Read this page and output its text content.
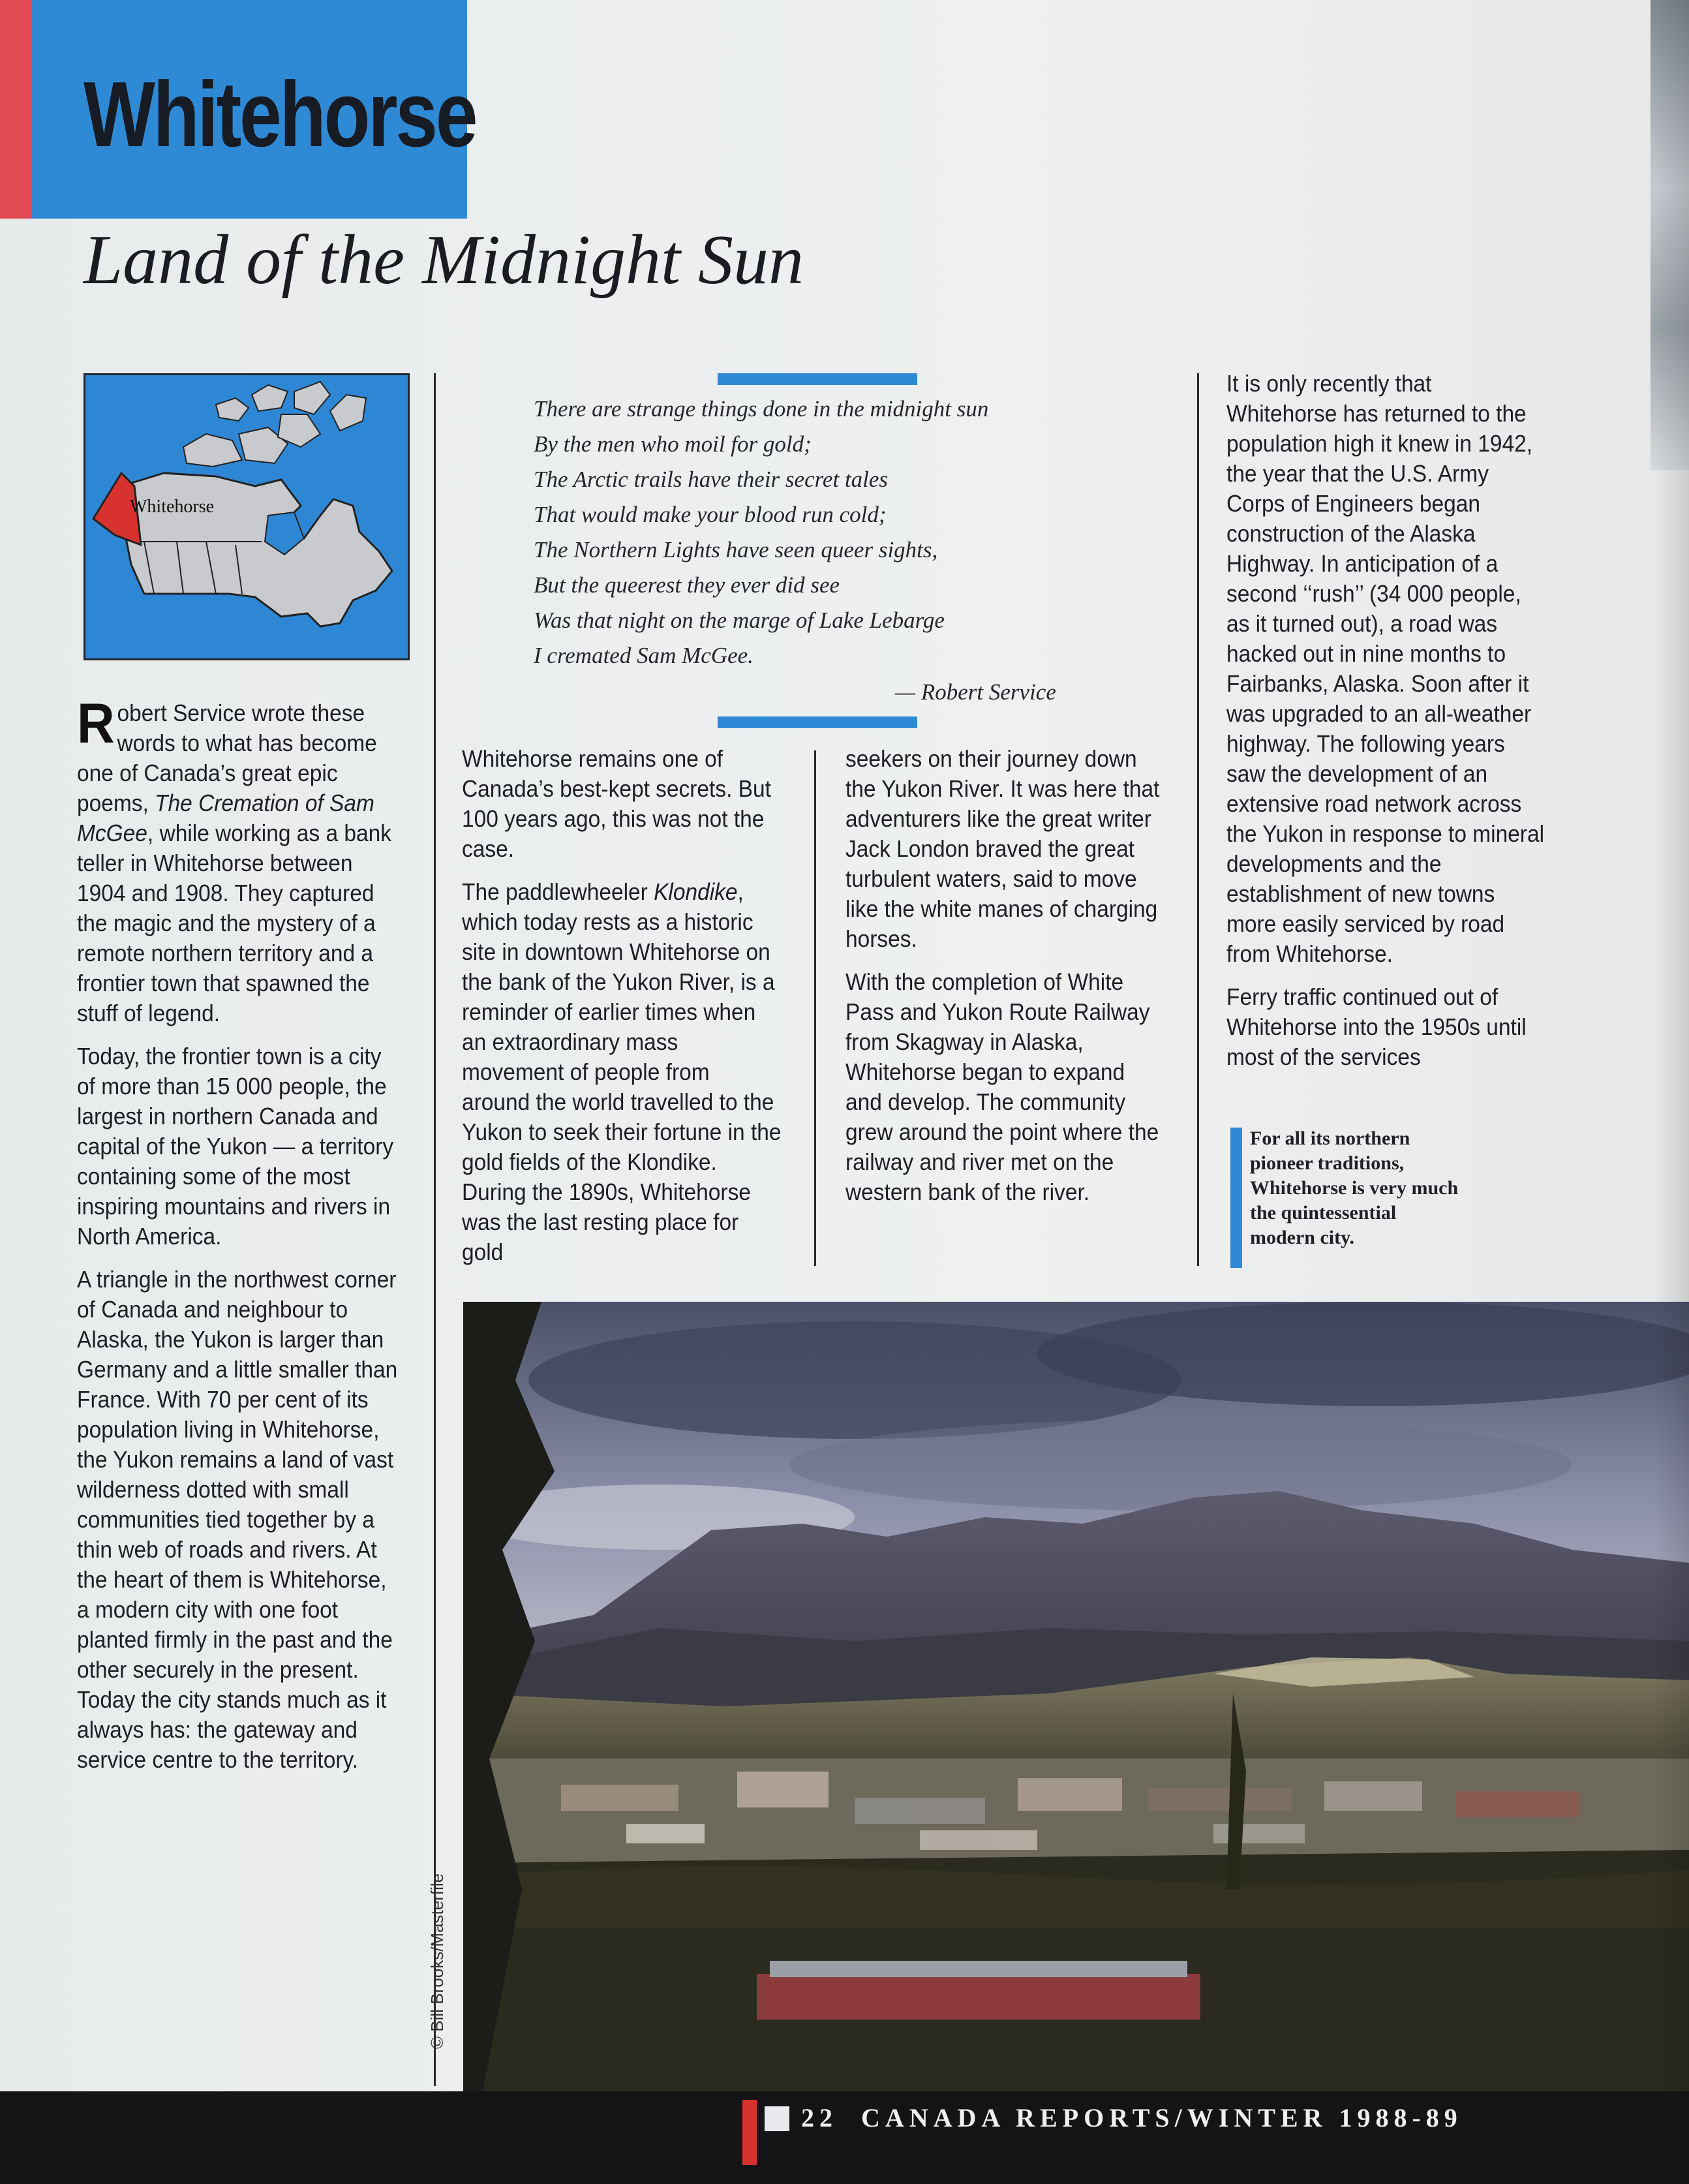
Whitehorse
Land of the Midnight Sun
Whitehorse
There are strange things done in the midnight sun
By the men who moil for gold;
The Arctic trails have their secret tales
That would make your blood run cold;
The Northern Lights have seen queer sights,
But the queerest they ever did see
Was that night on the marge of Lake Lebarge
I cremated Sam McGee.
— Robert Service

Robert Service wrote these words to what has become one of Canada’s great epic poems, The Cremation of Sam McGee, while working as a bank teller in Whitehorse between 1904 and 1908. They captured the magic and the mystery of a remote northern territory and a frontier town that spawned the stuff of legend.

Today, the frontier town is a city of more than 15 000 people, the largest in northern Canada and capital of the Yukon — a territory containing some of the most inspiring mountains and rivers in North America.

A triangle in the northwest corner of Canada and neighbour to Alaska, the Yukon is larger than Germany and a little smaller than France. With 70 per cent of its population living in Whitehorse, the Yukon remains a land of vast wilderness dotted with small communities tied together by a thin web of roads and rivers. At the heart of them is Whitehorse, a modern city with one foot planted firmly in the past and the other securely in the present. Today the city stands much as it always has: the gateway and service centre to the territory.

Whitehorse remains one of Canada’s best-kept secrets. But 100 years ago, this was not the case.

The paddlewheeler Klondike, which today rests as a historic site in downtown Whitehorse on the bank of the Yukon River, is a reminder of earlier times when an extraordinary mass movement of people from around the world travelled to the Yukon to seek their fortune in the gold fields of the Klondike. During the 1890s, Whitehorse was the last resting place for gold

seekers on their journey down the Yukon River. It was here that adventurers like the great writer Jack London braved the great turbulent waters, said to move like the white manes of charging horses.

With the completion of White Pass and Yukon Route Railway from Skagway in Alaska, Whitehorse began to expand and develop. The community grew around the point where the railway and river met on the western bank of the river.

It is only recently that Whitehorse has returned to the population high it knew in 1942, the year that the U.S. Army Corps of Engineers began construction of the Alaska Highway. In anticipation of a second ‘‘rush’’ (34 000 people, as it turned out), a road was hacked out in nine months to Fairbanks, Alaska. Soon after it was upgraded to an all-weather highway. The following years saw the development of an extensive road network across the Yukon in response to mineral developments and the establishment of new towns more easily serviced by road from Whitehorse.

Ferry traffic continued out of Whitehorse into the 1950s until most of the services

For all its northern pioneer traditions, Whitehorse is very much the quintessential modern city.
© Bill Brooks/Masterfile
22 CANADA REPORTS/WINTER 1988-89
